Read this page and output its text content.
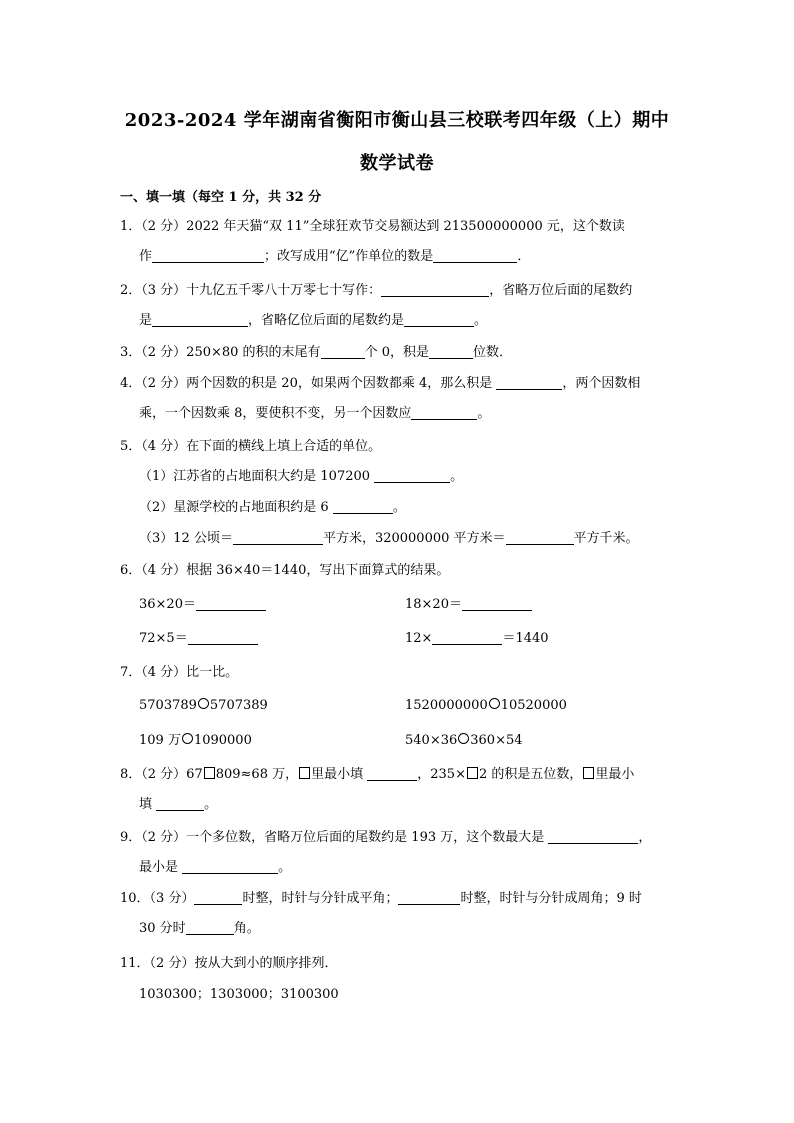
2023-2024 学年湖南省衡阳市衡山县三校联考四年级（上）期中
数学试卷
一、填一填（每空 1 分，共 32 分
1．（2 分）2022 年天猫“双 11”全球狂欢节交易额达到 213500000000 元，这个数读
作	；改写成用“亿”作单位的数是	．
2．（3 分）十九亿五千零八十万零七十写作：	，省略万位后面的尾数约
是	，省略亿位后面的尾数约是	。
3．（2 分）250×80 的积的末尾有	个 0，积是	位数．
4．（2 分）两个因数的积是 20，如果两个因数都乘 4，那么积是	，两个因数相
乘，一个因数乘 8，要使积不变，另一个因数应	。
5．（4 分）在下面的横线上填上合适的单位。
（1）江苏省的占地面积大约是 107200	。
（2）星源学校的占地面积约是 6	。
（3）12 公顷＝	平方米，320000000 平方米＝	平方千米。
6．（4 分）根据 36×40＝1440，写出下面算式的结果。
36×20＝	18×20＝
72×5＝	12×	＝1440
7．（4 分）比一比。
5703789 5707389	1520000000 10520000
109 万 1090000	540×36 360×54
8．（2 分）67 809≈68 万， 里最小填	，235× 2 的积是五位数， 里最小
填	。
9．（2 分）一个多位数，省略万位后面的尾数约是 193 万，这个数最大是	，
最小是	。
10．（3 分）	时整，时针与分针成平角；	时整，时针与分针成周角；9 时
30 分时	角。
11．（2 分）按从大到小的顺序排列．
1030300；1303000；3100300
